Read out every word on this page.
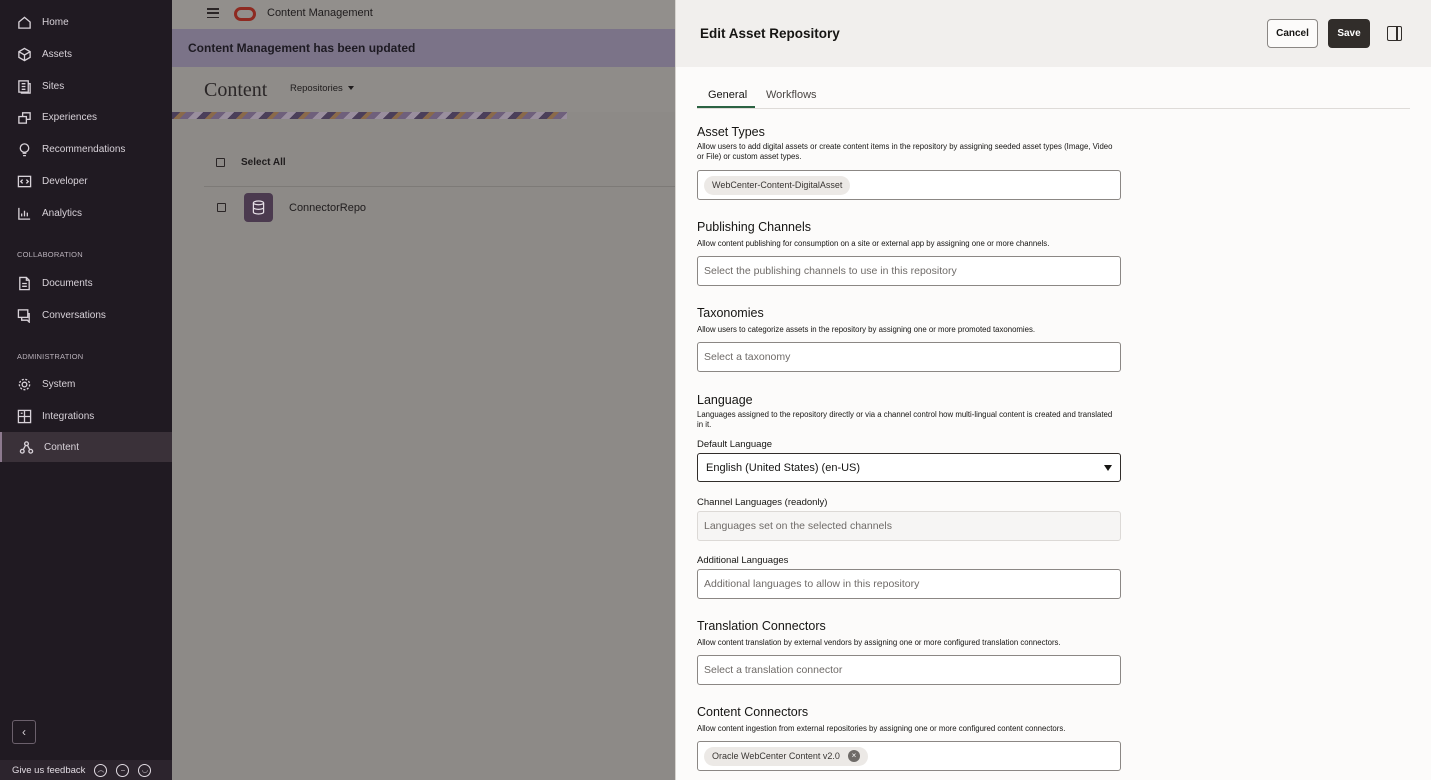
Home
Assets
Sites
Experiences
Recommendations
Developer
Analytics
COLLABORATION
Documents
Conversations
ADMINISTRATION
System
Integrations
Content
‹
Give us feedback	︵	–	◡
Content Management
Content Management has been updated
Content Repositories
Select All
ConnectorRepo
Edit Asset Repository	Cancel	Save
General Workflows
Asset Types
Allow users to add digital assets or create content items in the repository by assigning seeded asset types (Image, Video or File) or custom asset types.
WebCenter-Content-DigitalAsset
Publishing Channels
Allow content publishing for consumption on a site or external app by assigning one or more channels.
Select the publishing channels to use in this repository
Taxonomies
Allow users to categorize assets in the repository by assigning one or more promoted taxonomies.
Select a taxonomy
Language
Languages assigned to the repository directly or via a channel control how multi-lingual content is created and translated in it.
Default Language
English (United States) (en-US)
Channel Languages (readonly)
Languages set on the selected channels
Additional Languages
Additional languages to allow in this repository
Translation Connectors
Allow content translation by external vendors by assigning one or more configured translation connectors.
Select a translation connector
Content Connectors
Allow content ingestion from external repositories by assigning one or more configured content connectors.
Oracle WebCenter Content v2.0	×
